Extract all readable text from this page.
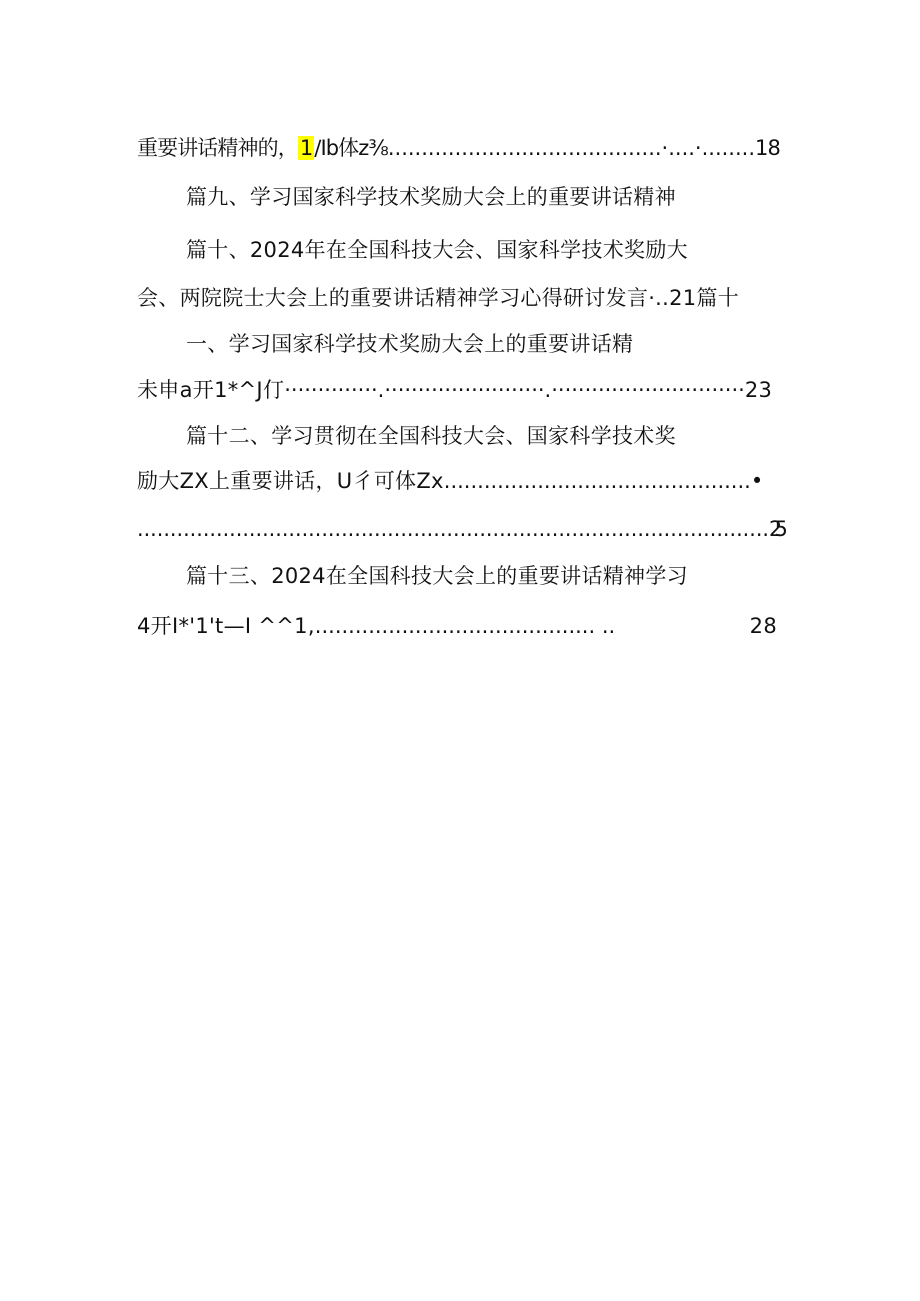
重要讲话精神的，1∕Ib体z⅜.........................................·....·........18
篇九、学习国家科学技术奖励大会上的重要讲话精神
篇十、2024年在全国科技大会、国家科学技术奖励大
会、两院院士大会上的重要讲话精神学习心得研讨发言·..21篇十
一、学习国家科学技术奖励大会上的重要讲话精
未申a开1*^J仃··············.························.·····························23
篇十二、学习贯彻在全国科技大会、国家科学技术奖
励大ZX上重要讲话，U彳可体Zx..............................................•
................................................................................................25
篇十三、2024在全国科技大会上的重要讲话精神学习
4开I*'1't—I ^^1,.......................................... ..	28
